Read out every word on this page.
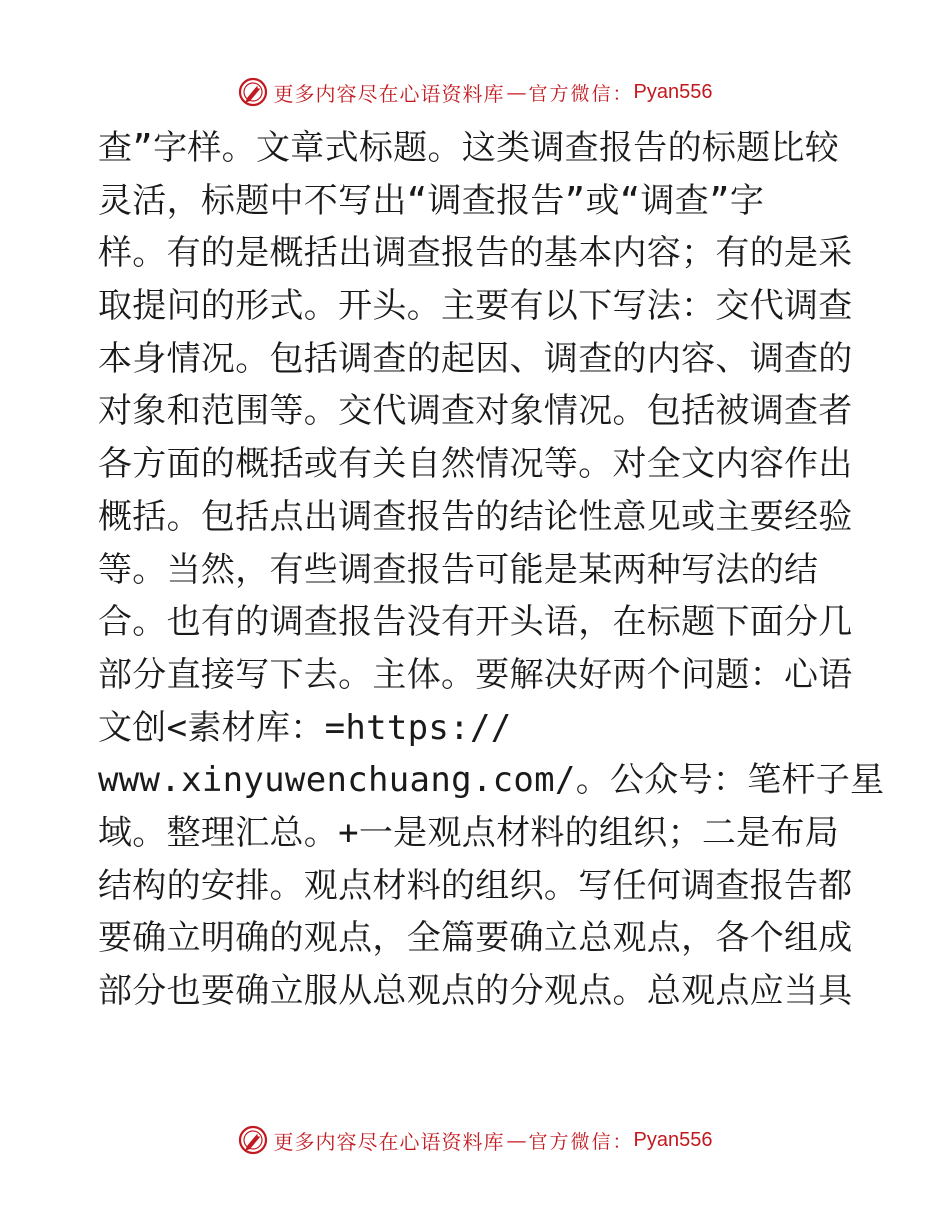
更多内容尽在心语资料库 — 官方微信： Pyan556
查”字样。文章式标题。这类调查报告的标题比较
灵活，标题中不写出“调查报告”或“调查”字
样。有的是概括出调查报告的基本内容；有的是采
取提问的形式。开头。主要有以下写法：交代调查
本身情况。包括调查的起因、调查的内容、调查的
对象和范围等。交代调查对象情况。包括被调查者
各方面的概括或有关自然情况等。对全文内容作出
概括。包括点出调查报告的结论性意见或主要经验
等。当然，有些调查报告可能是某两种写法的结
合。也有的调查报告没有开头语，在标题下面分几
部分直接写下去。主体。要解决好两个问题：心语
文创<素材库：=https://
www.xinyuwenchuang.com/。公众号：笔杆子星
域。整理汇总。+一是观点材料的组织；二是布局
结构的安排。观点材料的组织。写任何调查报告都
要确立明确的观点，全篇要确立总观点，各个组成
部分也要确立服从总观点的分观点。总观点应当具
更多内容尽在心语资料库 — 官方微信： Pyan556
